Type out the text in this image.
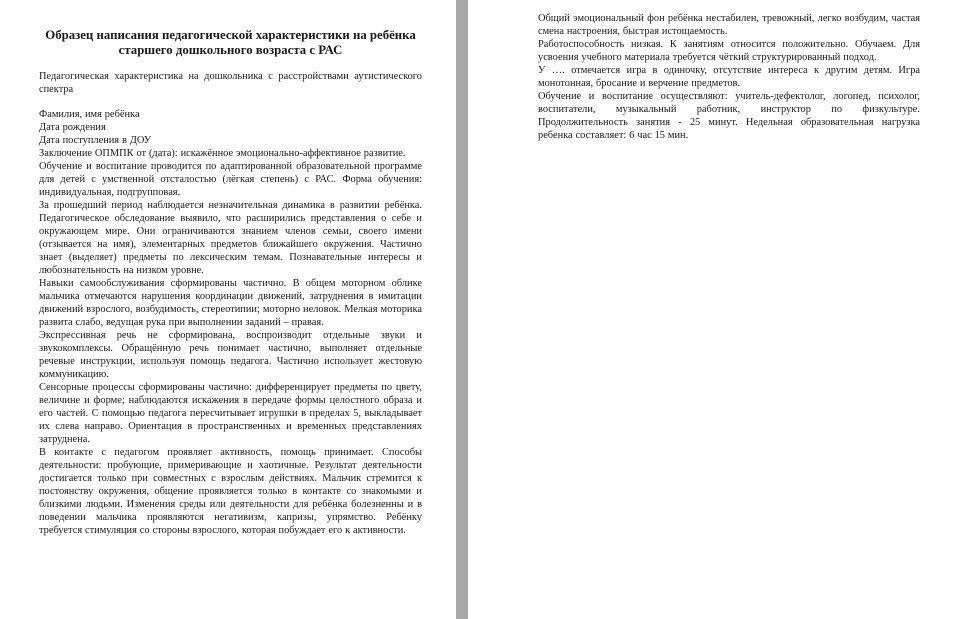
Образец написания педагогической характеристики на ребёнка старшего дошкольного возраста с РАС

Педагогическая характеристика на дошкольника с расстройствами аутистического спектра

Фамилия, имя ребёнка

Дата рождения

Дата поступления в ДОУ

Заключение ОПМПК от (дата): искажённое эмоционально-аффективное развитие.

Обучение и воспитание проводится по адаптированной образовательной программе для детей с умственной отсталостью (лёгкая степень) с РАС. Форма обучения: индивидуальная, подгрупповая.

За прошедший период наблюдается незначительная динамика в развитии ребёнка. Педагогическое обследование выявило, что расширились представления о себе и окружающем мире. Они ограничиваются знанием членов семьи, своего имени (отзывается на имя), элементарных предметов ближайшего окружения. Частично знает (выделяет) предметы по лексическим темам. Познавательные интересы и любознательность на низком уровне.

Навыки самообслуживания сформированы частично. В общем моторном облике мальчика отмечаются нарушения координации движений, затруднения в имитации движений взрослого, возбудимость, стереотипии; моторно неловок. Мелкая моторика развита слабо, ведущая рука при выполнении заданий – правая.

Экспрессивная речь не сформирована, воспроизводит отдельные звуки и звукокомплексы. Обращённую речь понимает частично, выполняет отдельные речевые инструкции, используя помощь педагога. Частично использует жестовую коммуникацию.

Сенсорные процессы сформированы частично: дифференцирует предметы по цвету, величине и форме; наблюдаются искажения в передаче формы целостного образа и его частей. С помощью педагога пересчитывает игрушки в пределах 5, выкладывает их слева направо. Ориентация в пространственных и временных представлениях затруднена.

В контакте с педагогом проявляет активность, помощь принимает. Способы деятельности: пробующие, примеривающие и хаотичные. Результат деятельности достигается только при совместных с взрослым действиях. Мальчик стремится к постоянству окружения, общение проявляется только в контакте со знакомыми и близкими людьми. Изменения среды или деятельности для ребёнка болезненны и в поведении мальчика проявляются негативизм, капризы, упрямство. Ребёнку требуется стимуляция со стороны взрослого, которая побуждает его к активности.

Общий эмоциональный фон ребёнка нестабилен, тревожный, легко возбудим, частая смена настроения, быстрая истощаемость.

Работоспособность низкая. К занятиям относится положительно. Обучаем. Для усвоения учебного материала требуется чёткий структурированный подход.

У …. отмечается игра в одиночку, отсутствие интереса к другим детям. Игра монотонная, бросание и верчение предметов.

Обучение и воспитание осуществляют: учитель-дефектолог, логопед, психолог, воспитатели, музыкальный работник, инструктор по физкультуре. Продолжительность занятия - 25 минут. Недельная образовательная нагрузка ребенка составляет: 6 час 15 мин.
